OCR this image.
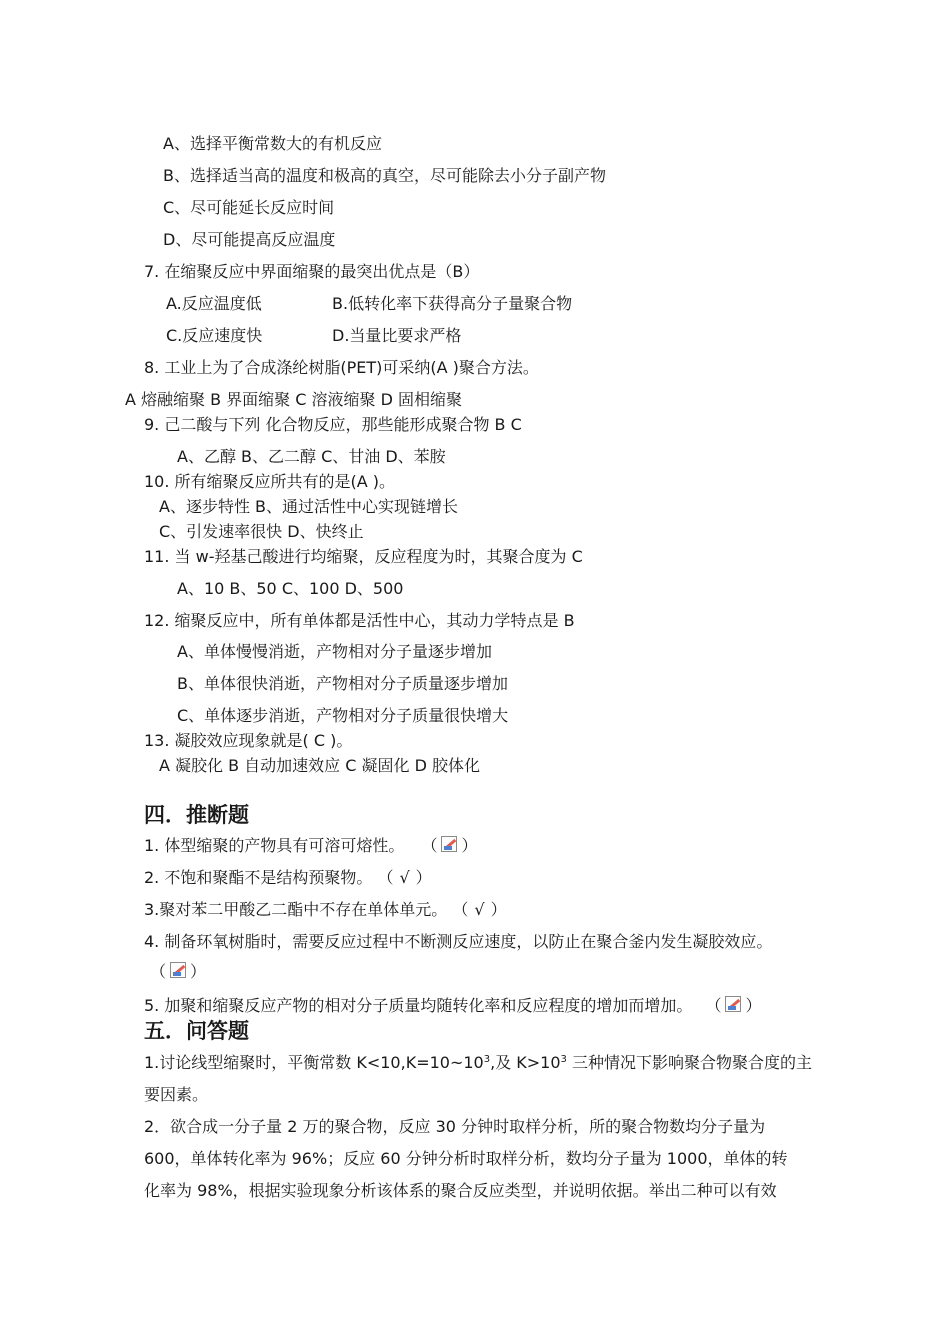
A、选择平衡常数大的有机反应
B、选择适当高的温度和极高的真空，尽可能除去小分子副产物
C、尽可能延长反应时间
D、尽可能提高反应温度
7. 在缩聚反应中界面缩聚的最突出优点是（B）
A.反应温度低	B.低转化率下获得高分子量聚合物
C.反应速度快	D.当量比要求严格
8. 工业上为了合成涤纶树脂(PET)可采纳(A )聚合方法。
A 熔融缩聚 B 界面缩聚 C 溶液缩聚 D 固相缩聚
9. 己二酸与下列 化合物反应，那些能形成聚合物 B C
A、乙醇 B、乙二醇 C、甘油 D、苯胺
10. 所有缩聚反应所共有的是(A )。
A、逐步特性 B、通过活性中心实现链增长
C、引发速率很快 D、快终止
11. 当 w-羟基己酸进行均缩聚，反应程度为时，其聚合度为 C
A、10 B、50 C、100 D、500
12. 缩聚反应中，所有单体都是活性中心，其动力学特点是 B
A、单体慢慢消逝，产物相对分子量逐步增加
B、单体很快消逝，产物相对分子质量逐步增加
C、单体逐步消逝，产物相对分子质量很快增大
13. 凝胶效应现象就是( C )。
A 凝胶化 B 自动加速效应 C 凝固化 D 胶体化
四．推断题
1. 体型缩聚的产物具有可溶可熔性。 （ ）
2. 不饱和聚酯不是结构预聚物。 （ √ ）
3.聚对苯二甲酸乙二酯中不存在单体单元。 （ √ ）
4. 制备环氧树脂时，需要反应过程中不断测反应速度，以防止在聚合釜内发生凝胶效应。
（ ）
5. 加聚和缩聚反应产物的相对分子质量均随转化率和反应程度的增加而增加。 （ ）
五．问答题
1.讨论线型缩聚时，平衡常数 $K<10,K=10\sim 10^3$,及 $K>10^3$ 三种情况下影响聚合物聚合度的主
要因素。
2．欲合成一分子量 2 万的聚合物，反应 30 分钟时取样分析，所的聚合物数均分子量为
600，单体转化率为 96%；反应 60 分钟分析时取样分析，数均分子量为 1000，单体的转
化率为 98%，根据实验现象分析该体系的聚合反应类型，并说明依据。举出二种可以有效
